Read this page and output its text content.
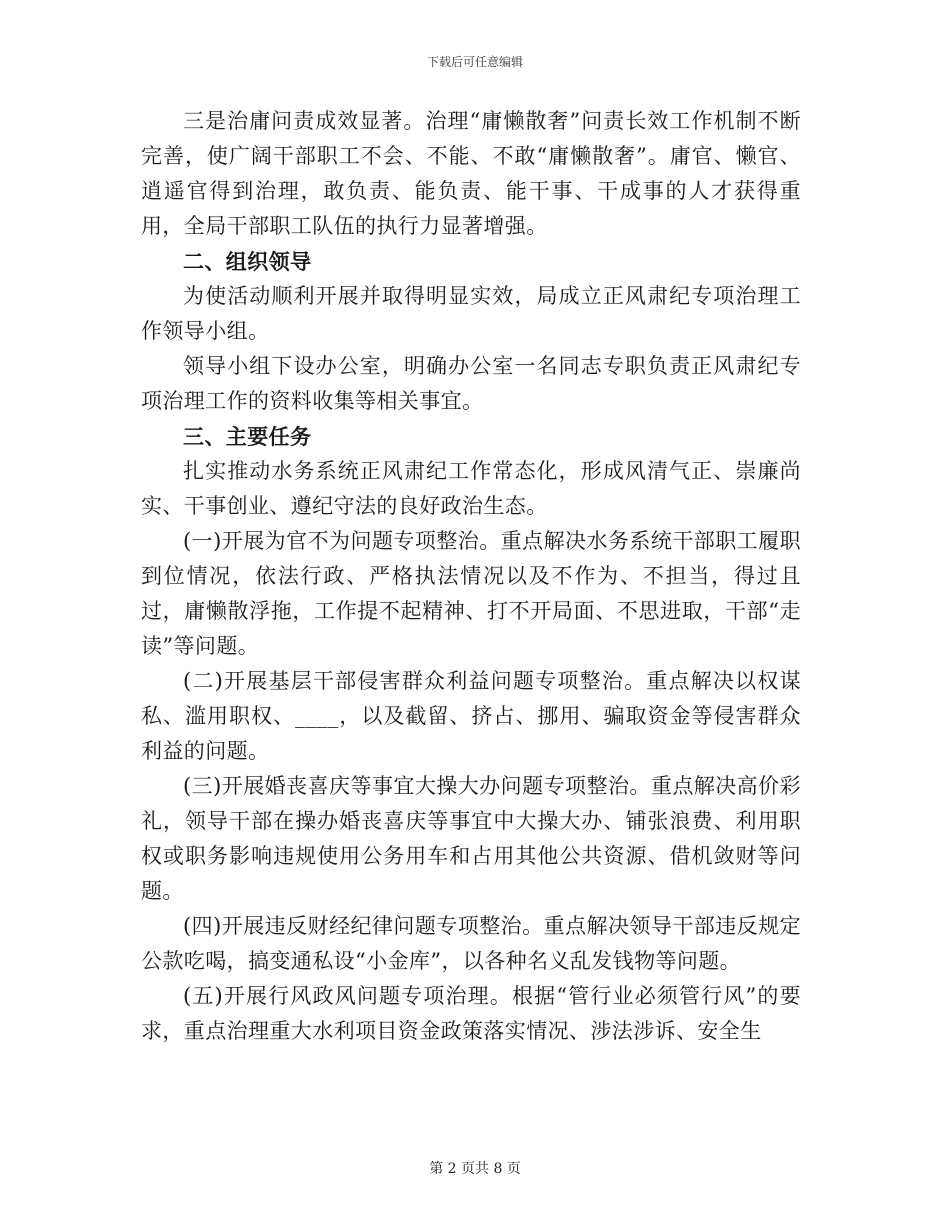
下载后可任意编辑

三是治庸问责成效显著。治理“庸懒散奢”问责长效工作机制不断完善，使广阔干部职工不会、不能、不敢“庸懒散奢”。庸官、懒官、逍遥官得到治理，敢负责、能负责、能干事、干成事的人才获得重用，全局干部职工队伍的执行力显著增强。

二、组织领导

为使活动顺利开展并取得明显实效，局成立正风肃纪专项治理工作领导小组。

领导小组下设办公室，明确办公室一名同志专职负责正风肃纪专项治理工作的资料收集等相关事宜。

三、主要任务

扎实推动水务系统正风肃纪工作常态化，形成风清气正、崇廉尚实、干事创业、遵纪守法的良好政治生态。

(一)开展为官不为问题专项整治。重点解决水务系统干部职工履职到位情况，依法行政、严格执法情况以及不作为、不担当，得过且过，庸懒散浮拖，工作提不起精神、打不开局面、不思进取，干部“走读”等问题。

(二)开展基层干部侵害群众利益问题专项整治。重点解决以权谋私、滥用职权、____，以及截留、挤占、挪用、骗取资金等侵害群众利益的问题。

(三)开展婚丧喜庆等事宜大操大办问题专项整治。重点解决高价彩礼，领导干部在操办婚丧喜庆等事宜中大操大办、铺张浪费、利用职权或职务影响违规使用公务用车和占用其他公共资源、借机敛财等问题。

(四)开展违反财经纪律问题专项整治。重点解决领导干部违反规定公款吃喝，搞变通私设“小金库”，以各种名义乱发钱物等问题。

(五)开展行风政风问题专项治理。根据“管行业必须管行风”的要求，重点治理重大水利项目资金政策落实情况、涉法涉诉、安全生

第 2 页共 8 页
